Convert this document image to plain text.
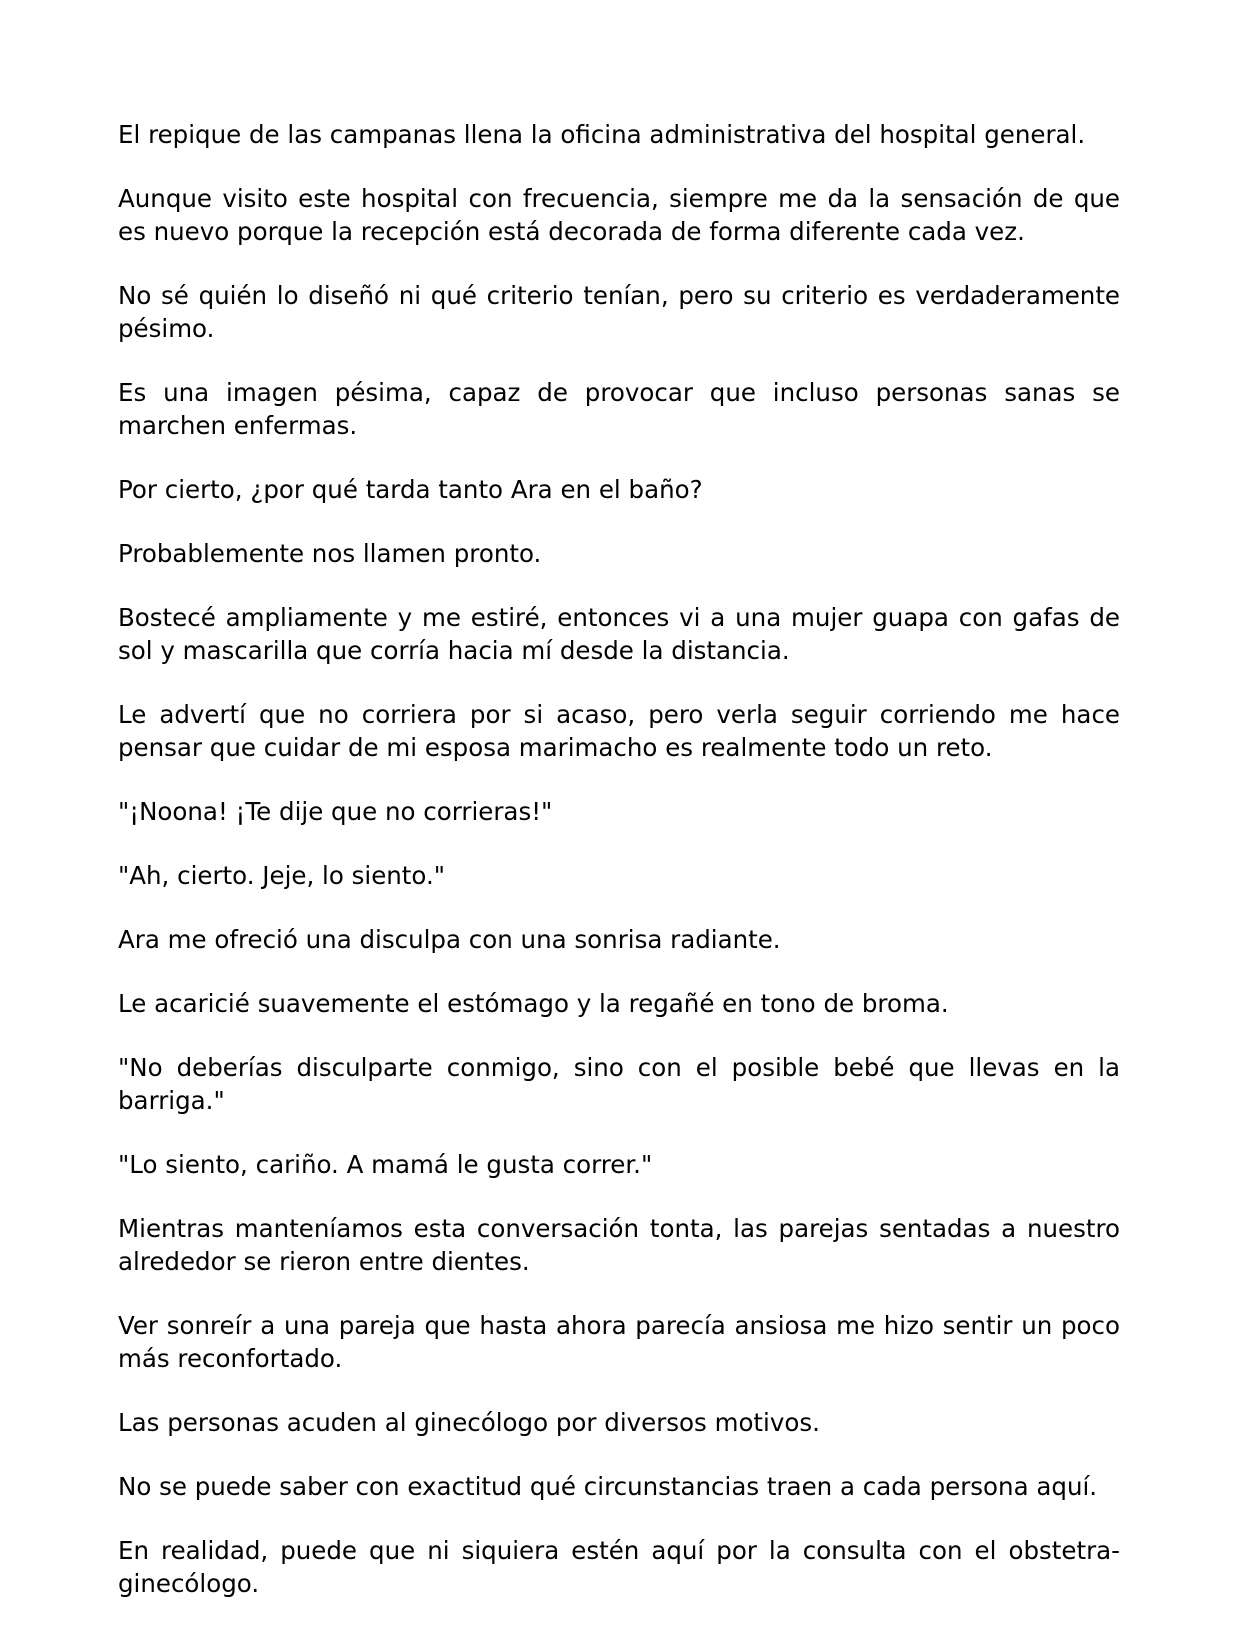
El repique de las campanas llena la oficina administrativa del hospital general.

Aunque visito este hospital con frecuencia, siempre me da la sensación de que es nuevo porque la recepción está decorada de forma diferente cada vez.

No sé quién lo diseñó ni qué criterio tenían, pero su criterio es verdaderamente pésimo.

Es una imagen pésima, capaz de provocar que incluso personas sanas se marchen enfermas.

Por cierto, ¿por qué tarda tanto Ara en el baño?

Probablemente nos llamen pronto.

Bostecé ampliamente y me estiré, entonces vi a una mujer guapa con gafas de sol y mascarilla que corría hacia mí desde la distancia.

Le advertí que no corriera por si acaso, pero verla seguir corriendo me hace pensar que cuidar de mi esposa marimacho es realmente todo un reto.

"¡Noona! ¡Te dije que no corrieras!"

"Ah, cierto. Jeje, lo siento."

Ara me ofreció una disculpa con una sonrisa radiante.

Le acaricié suavemente el estómago y la regañé en tono de broma.

"No deberías disculparte conmigo, sino con el posible bebé que llevas en la barriga."

"Lo siento, cariño. A mamá le gusta correr."

Mientras manteníamos esta conversación tonta, las parejas sentadas a nuestro alrededor se rieron entre dientes.

Ver sonreír a una pareja que hasta ahora parecía ansiosa me hizo sentir un poco más reconfortado.

Las personas acuden al ginecólogo por diversos motivos.

No se puede saber con exactitud qué circunstancias traen a cada persona aquí.

En realidad, puede que ni siquiera estén aquí por la consulta con el obstetra-ginecólogo.
